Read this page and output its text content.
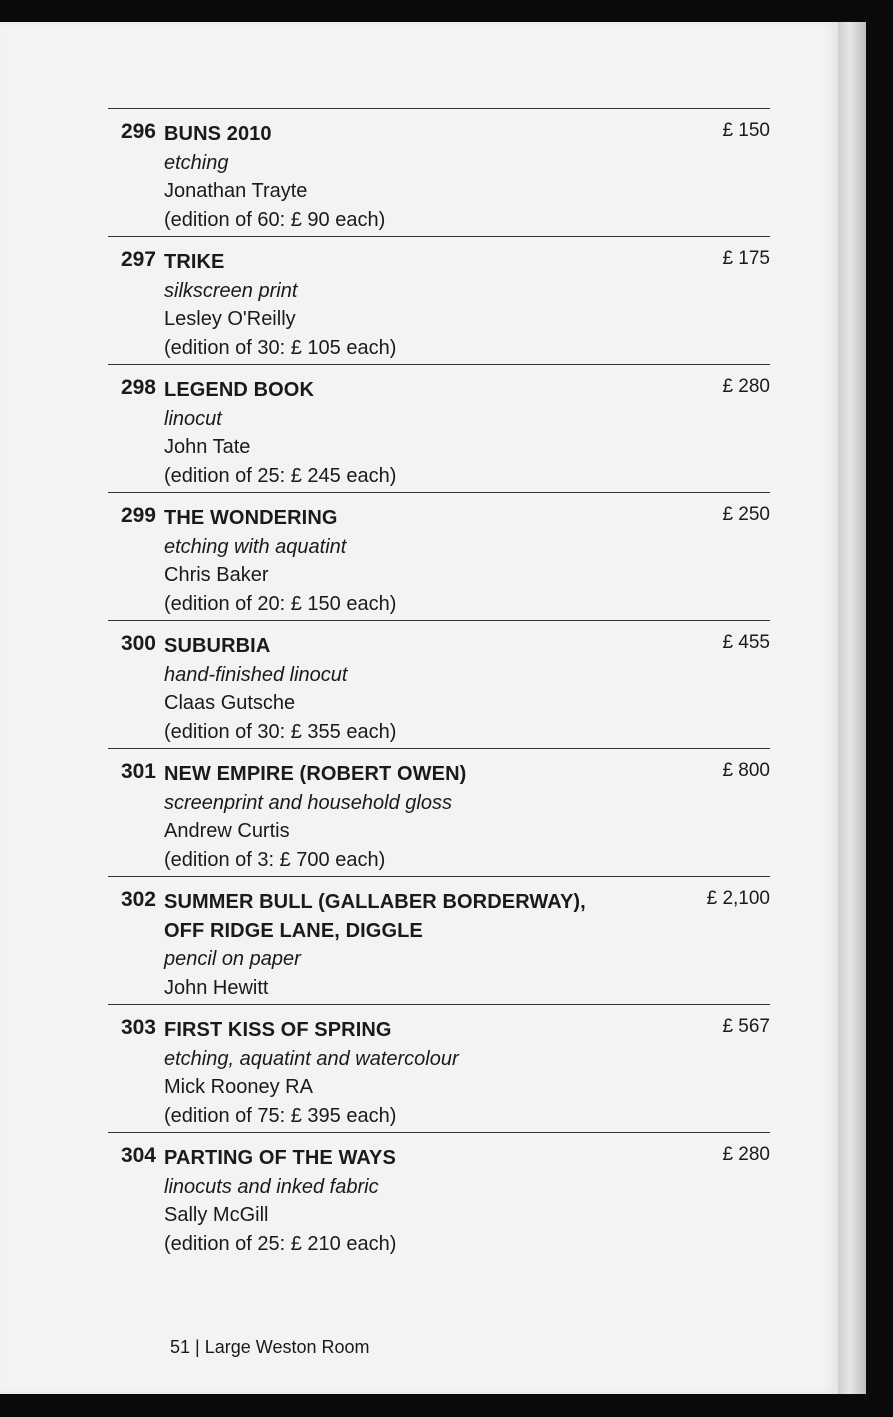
296 BUNS 2010
etching
Jonathan Trayte
(edition of 60: £ 90 each)
£ 150
297 TRIKE
silkscreen print
Lesley O'Reilly
(edition of 30: £ 105 each)
£ 175
298 LEGEND BOOK
linocut
John Tate
(edition of 25: £ 245 each)
£ 280
299 THE WONDERING
etching with aquatint
Chris Baker
(edition of 20: £ 150 each)
£ 250
300 SUBURBIA
hand-finished linocut
Claas Gutsche
(edition of 30: £ 355 each)
£ 455
301 NEW EMPIRE (ROBERT OWEN)
screenprint and household gloss
Andrew Curtis
(edition of 3: £ 700 each)
£ 800
302 SUMMER BULL (GALLABER BORDERWAY),
OFF RIDGE LANE, DIGGLE
pencil on paper
John Hewitt
£ 2,100
303 FIRST KISS OF SPRING
etching, aquatint and watercolour
Mick Rooney RA
(edition of 75: £ 395 each)
£ 567
304 PARTING OF THE WAYS
linocuts and inked fabric
Sally McGill
(edition of 25: £ 210 each)
£ 280
51 | Large Weston Room
